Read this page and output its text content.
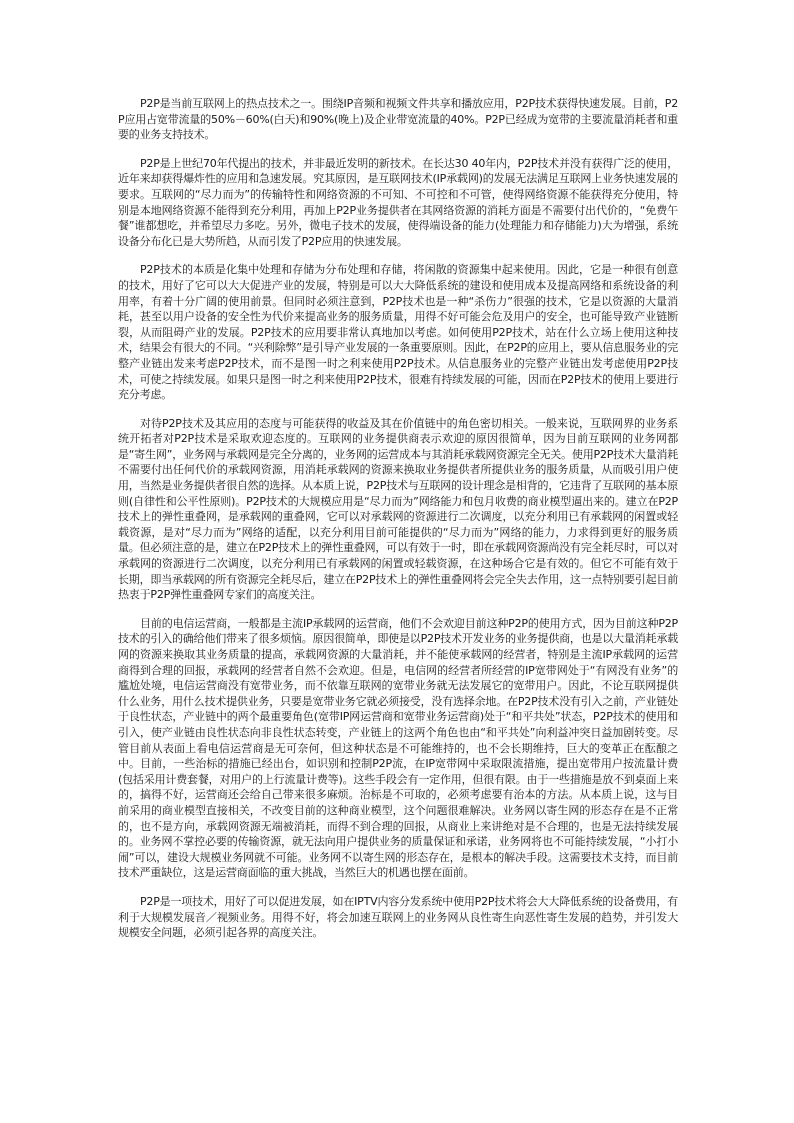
P2P是当前互联网上的热点技术之一。围绕IP音频和视频文件共享和播放应用，P2P技术获得快速发展。目前，P2P应用占宽带流量的50%－60%(白天)和90%(晚上)及企业带宽流量的40%。P2P已经成为宽带的主要流量消耗者和重要的业务支持技术。

P2P是上世纪70年代提出的技术，并非最近发明的新技术。在长达30 40年内，P2P技术并没有获得广泛的使用，近年来却获得爆炸性的应用和急速发展。究其原因，是互联网技术(IP承载网)的发展无法满足互联网上业务快速发展的要求。互联网的“尽力而为”的传输特性和网络资源的不可知、不可控和不可管，使得网络资源不能获得充分使用，特别是本地网络资源不能得到充分利用，再加上P2P业务提供者在其网络资源的消耗方面是不需要付出代价的，“免费午餐”谁都想吃，并希望尽力多吃。另外，微电子技术的发展，使得端设备的能力(处理能力和存储能力)大为增强，系统设备分布化已是大势所趋，从而引发了P2P应用的快速发展。

P2P技术的本质是化集中处理和存储为分布处理和存储，将闲散的资源集中起来使用。因此，它是一种很有创意的技术，用好了它可以大大促进产业的发展，特别是可以大大降低系统的建设和使用成本及提高网络和系统设备的利用率，有着十分广阔的使用前景。但同时必须注意到，P2P技术也是一种“杀伤力”很强的技术，它是以资源的大量消耗，甚至以用户设备的安全性为代价来提高业务的服务质量，用得不好可能会危及用户的安全，也可能导致产业链断裂，从而阻碍产业的发展。P2P技术的应用要非常认真地加以考虑。如何使用P2P技术，站在什么立场上使用这种技术，结果会有很大的不同。“兴利除弊”是引导产业发展的一条重要原则。因此，在P2P的应用上，要从信息服务业的完整产业链出发来考虑P2P技术，而不是图一时之利来使用P2P技术。从信息服务业的完整产业链出发考虑使用P2P技术，可使之持续发展。如果只是图一时之利来使用P2P技术，很难有持续发展的可能，因而在P2P技术的使用上要进行充分考虑。

对待P2P技术及其应用的态度与可能获得的收益及其在价值链中的角色密切相关。一般来说，互联网界的业务系统开拓者对P2P技术是采取欢迎态度的。互联网的业务提供商表示欢迎的原因很简单，因为目前互联网的业务网都是“寄生网”，业务网与承载网是完全分离的，业务网的运营成本与其消耗承载网资源完全无关。使用P2P技术大量消耗不需要付出任何代价的承载网资源，用消耗承载网的资源来换取业务提供者所提供业务的服务质量，从而吸引用户使用，当然是业务提供者很自然的选择。从本质上说，P2P技术与互联网的设计理念是相背的，它违背了互联网的基本原则(自律性和公平性原则)。P2P技术的大规模应用是“尽力而为”网络能力和包月收费的商业模型逼出来的。建立在P2P技术上的弹性重叠网，是承载网的重叠网，它可以对承载网的资源进行二次调度，以充分利用已有承载网的闲置或轻载资源，是对“尽力而为”网络的适配，以充分利用目前可能提供的“尽力而为”网络的能力，力求得到更好的服务质量。但必须注意的是，建立在P2P技术上的弹性重叠网，可以有效于一时，即在承载网资源尚没有完全耗尽时，可以对承载网的资源进行二次调度，以充分利用已有承载网的闲置或轻载资源，在这种场合它是有效的。但它不可能有效于长期，即当承载网的所有资源完全耗尽后，建立在P2P技术上的弹性重叠网将会完全失去作用，这一点特别要引起目前热衷于P2P弹性重叠网专家们的高度关注。

目前的电信运营商，一般都是主流IP承载网的运营商，他们不会欢迎目前这种P2P的使用方式，因为目前这种P2P技术的引入的确给他们带来了很多烦恼。原因很简单，即使是以P2P技术开发业务的业务提供商，也是以大量消耗承载网的资源来换取其业务质量的提高，承载网资源的大量消耗，并不能使承载网的经营者，特别是主流IP承载网的运营商得到合理的回报，承载网的经营者自然不会欢迎。但是，电信网的经营者所经营的IP宽带网处于“有网没有业务”的尴尬处境，电信运营商没有宽带业务，而不依靠互联网的宽带业务就无法发展它的宽带用户。因此，不论互联网提供什么业务，用什么技术提供业务，只要是宽带业务它就必须接受，没有选择余地。在P2P技术没有引入之前，产业链处于良性状态，产业链中的两个最重要角色(宽带IP网运营商和宽带业务运营商)处于“和平共处”状态，P2P技术的使用和引入，使产业链由良性状态向非良性状态转变，产业链上的这两个角色也由“和平共处”向利益冲突日益加剧转变。尽管目前从表面上看电信运营商是无可奈何，但这种状态是不可能维持的，也不会长期维持，巨大的变革正在酝酿之中。目前，一些治标的措施已经出台，如识别和控制P2P流，在IP宽带网中采取限流措施，提出宽带用户按流量计费(包括采用计费套餐，对用户的上行流量计费等)。这些手段会有一定作用，但很有限。由于一些措施是放不到桌面上来的，搞得不好，运营商还会给自己带来很多麻烦。治标是不可取的，必须考虑要有治本的方法。从本质上说，这与目前采用的商业模型直接相关，不改变目前的这种商业模型，这个问题很难解决。业务网以寄生网的形态存在是不正常的，也不是方向，承载网资源无端被消耗，而得不到合理的回报，从商业上来讲绝对是不合理的，也是无法持续发展的。业务网不掌控必要的传输资源，就无法向用户提供业务的质量保证和承诺，业务网将也不可能持续发展，“小打小闹”可以，建设大规模业务网就不可能。业务网不以寄生网的形态存在，是根本的解决手段。这需要技术支持，而目前技术严重缺位，这是运营商面临的重大挑战，当然巨大的机遇也摆在面前。

P2P是一项技术，用好了可以促进发展，如在IPTV内容分发系统中使用P2P技术将会大大降低系统的设备费用，有利于大规模发展音／视频业务。用得不好，将会加速互联网上的业务网从良性寄生向恶性寄生发展的趋势，并引发大规模安全问题，必须引起各界的高度关注。
